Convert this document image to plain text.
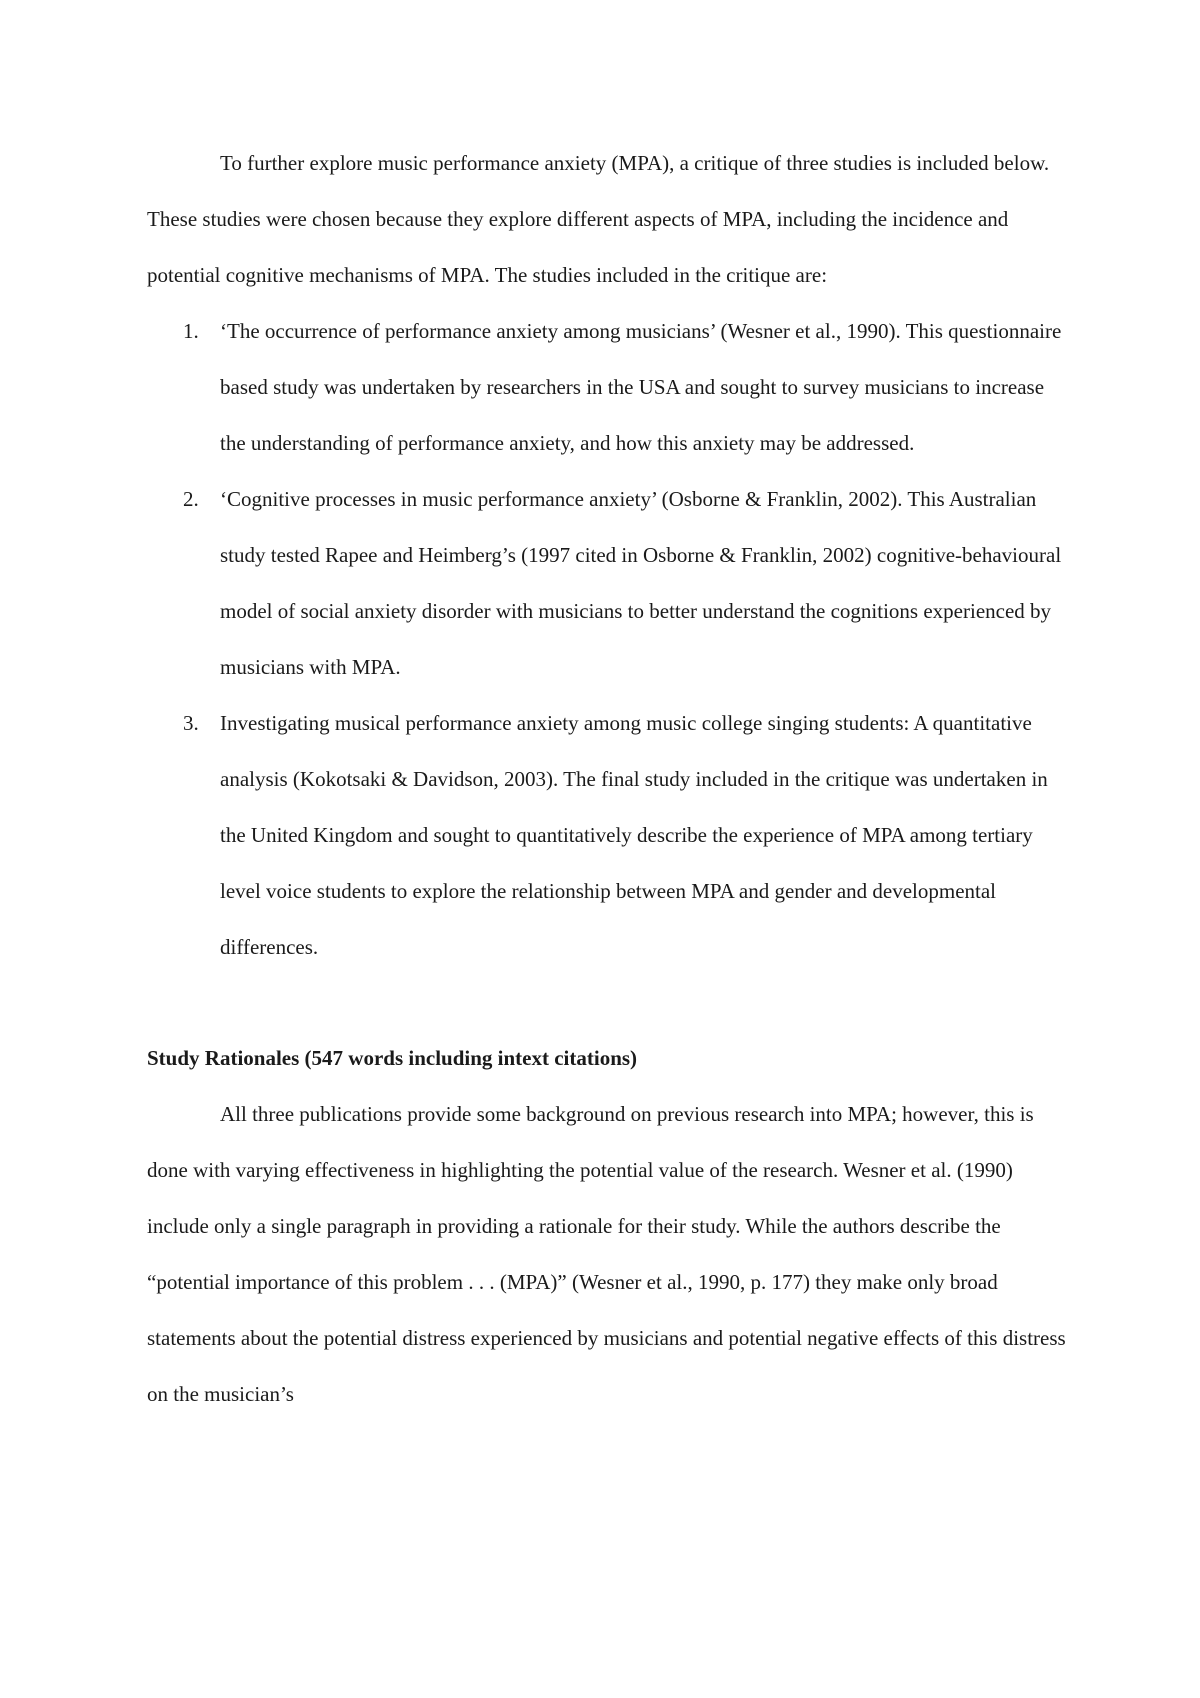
To further explore music performance anxiety (MPA), a critique of three studies is included below. These studies were chosen because they explore different aspects of MPA, including the incidence and potential cognitive mechanisms of MPA. The studies included in the critique are:

1. ‘The occurrence of performance anxiety among musicians’ (Wesner et al., 1990). This questionnaire based study was undertaken by researchers in the USA and sought to survey musicians to increase the understanding of performance anxiety, and how this anxiety may be addressed.
2. ‘Cognitive processes in music performance anxiety’ (Osborne & Franklin, 2002). This Australian study tested Rapee and Heimberg’s (1997 cited in Osborne & Franklin, 2002) cognitive-behavioural model of social anxiety disorder with musicians to better understand the cognitions experienced by musicians with MPA.
3. Investigating musical performance anxiety among music college singing students: A quantitative analysis (Kokotsaki & Davidson, 2003). The final study included in the critique was undertaken in the United Kingdom and sought to quantitatively describe the experience of MPA among tertiary level voice students to explore the relationship between MPA and gender and developmental differences.
Study Rationales (547 words including intext citations)

All three publications provide some background on previous research into MPA; however, this is done with varying effectiveness in highlighting the potential value of the research. Wesner et al. (1990) include only a single paragraph in providing a rationale for their study. While the authors describe the “potential importance of this problem . . . (MPA)” (Wesner et al., 1990, p. 177) they make only broad statements about the potential distress experienced by musicians and potential negative effects of this distress on the musician’s
